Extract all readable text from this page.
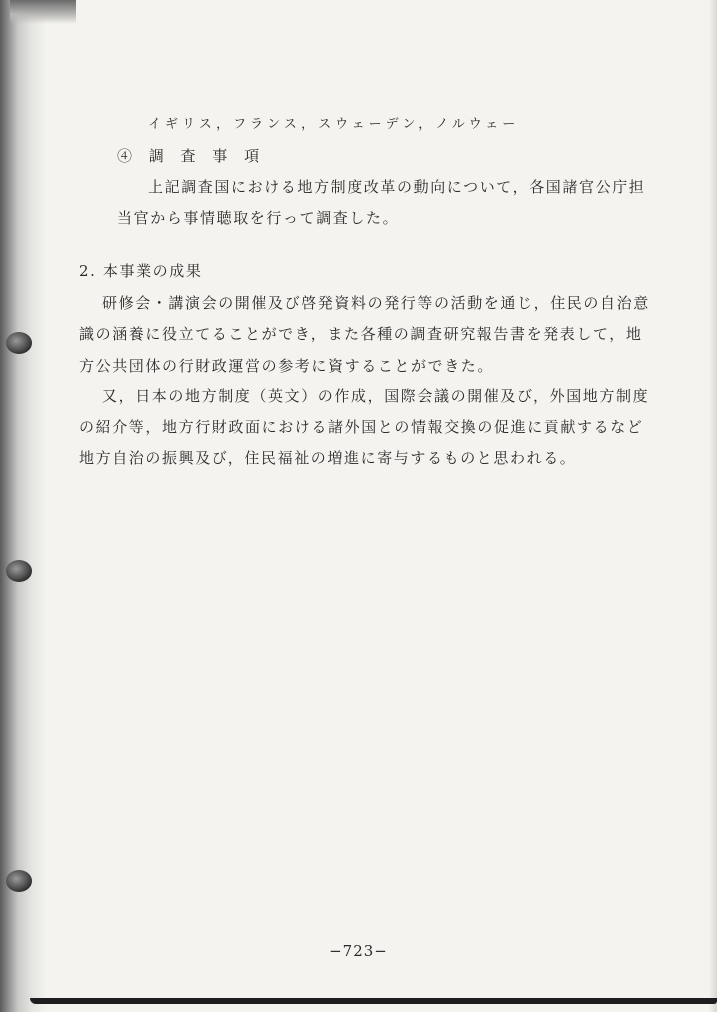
イギリス，フランス，スウェーデン，ノルウェー
④ 調 査 事 項
上記調査国における地方制度改革の動向について，各国諸官公庁担
当官から事情聴取を行って調査した。
2. 本事業の成果
研修会・講演会の開催及び啓発資料の発行等の活動を通じ，住民の自治意
識の涵養に役立てることができ，また各種の調査研究報告書を発表して，地
方公共団体の行財政運営の参考に資することができた。
又，日本の地方制度（英文）の作成，国際会議の開催及び，外国地方制度
の紹介等，地方行財政面における諸外国との情報交換の促進に貢献するなど
地方自治の振興及び，住民福祉の増進に寄与するものと思われる。
−723−
